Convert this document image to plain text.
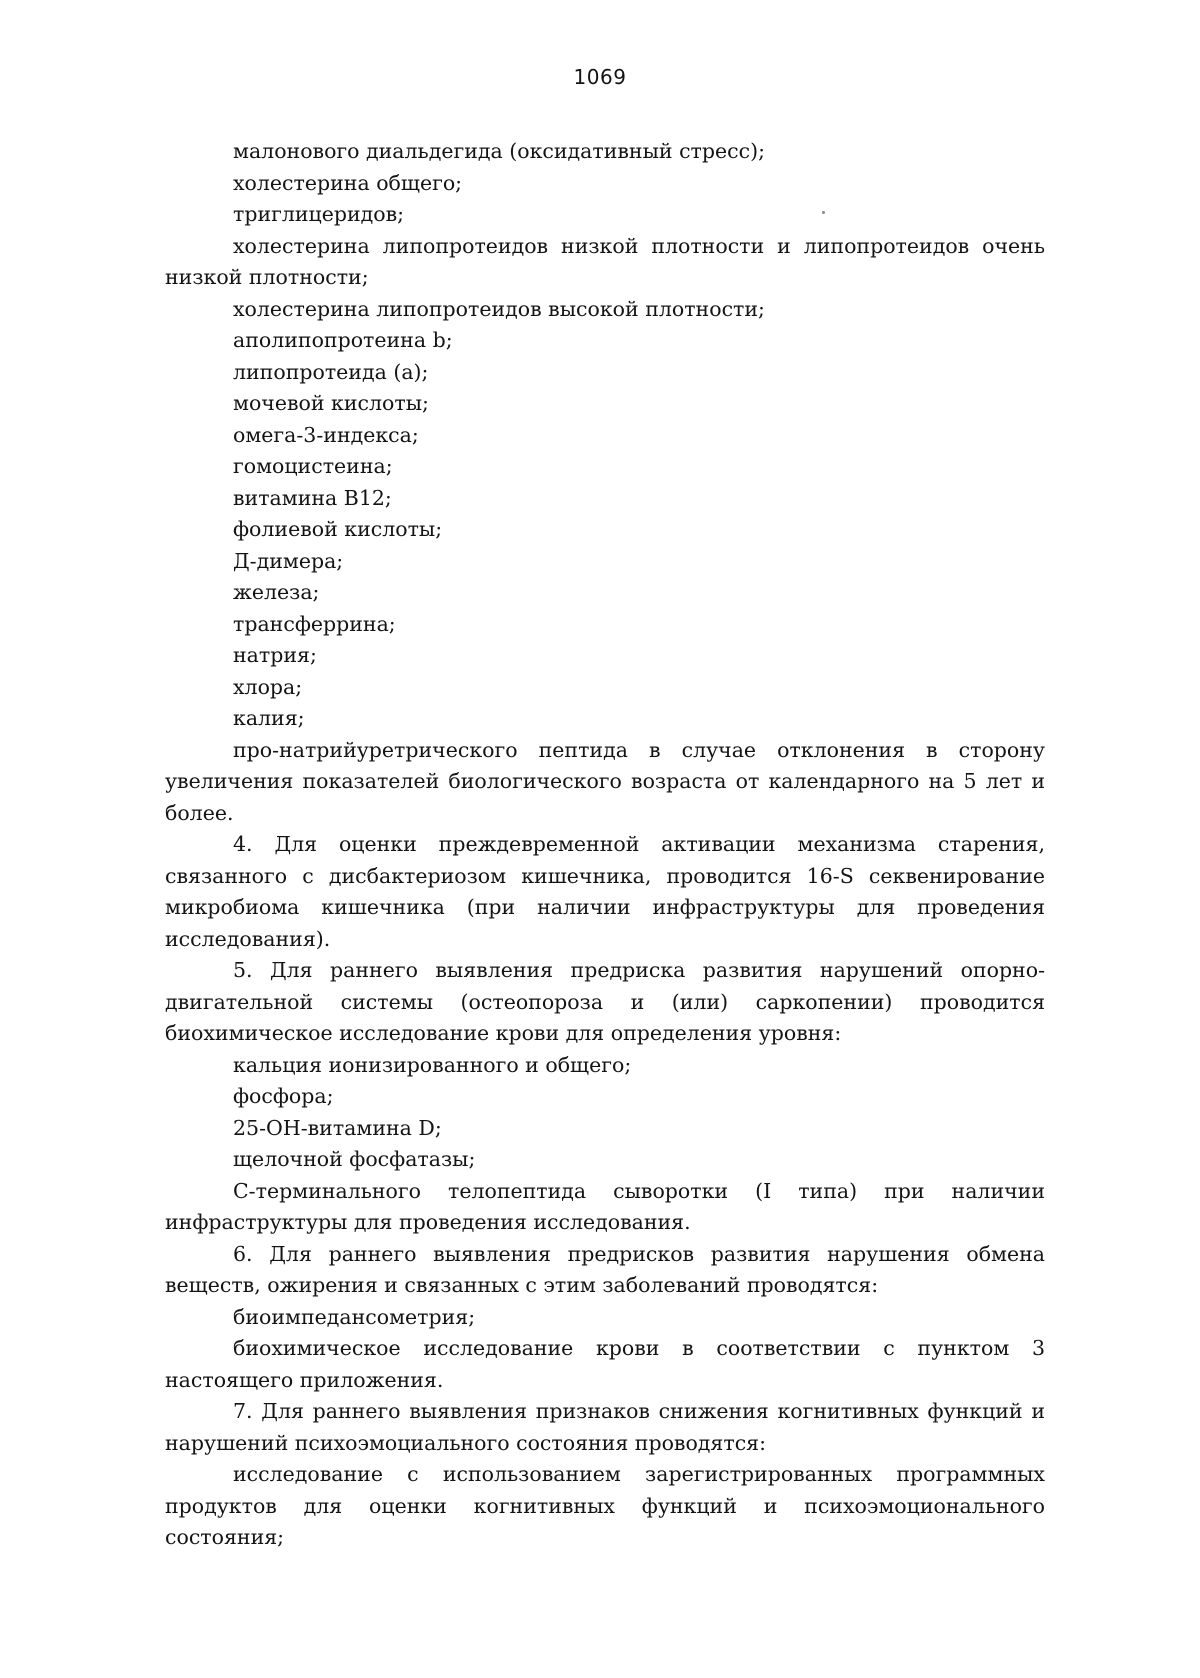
1069

малонового диальдегида (оксидативный стресс);

холестерина общего;

триглицеридов;

холестерина липопротеидов низкой плотности и липопротеидов очень низкой плотности;

холестерина липопротеидов высокой плотности;

аполипопротеина b;

липопротеида (а);

мочевой кислоты;

омега-3-индекса;

гомоцистеина;

витамина В12;

фолиевой кислоты;

Д-димера;

железа;

трансферрина;

натрия;

хлора;

калия;

про-натрийуретрического пептида в случае отклонения в сторону увеличения показателей биологического возраста от календарного на 5 лет и более.

4. Для оценки преждевременной активации механизма старения, связанного с дисбактериозом кишечника, проводится 16-S секвенирование микробиома кишечника (при наличии инфраструктуры для проведения исследования).

5. Для раннего выявления предриска развития нарушений опорно-двигательной системы (остеопороза и (или) саркопении) проводится биохимическое исследование крови для определения уровня:

кальция ионизированного и общего;

фосфора;

25-ОН-витамина D;

щелочной фосфатазы;

С-терминального телопептида сыворотки (I типа) при наличии инфраструктуры для проведения исследования.

6. Для раннего выявления предрисков развития нарушения обмена веществ, ожирения и связанных с этим заболеваний проводятся:

биоимпедансометрия;

биохимическое исследование крови в соответствии с пунктом 3 настоящего приложения.

7. Для раннего выявления признаков снижения когнитивных функций и нарушений психоэмоциального состояния проводятся:

исследование с использованием зарегистрированных программных продуктов для оценки когнитивных функций и психоэмоционального состояния;
